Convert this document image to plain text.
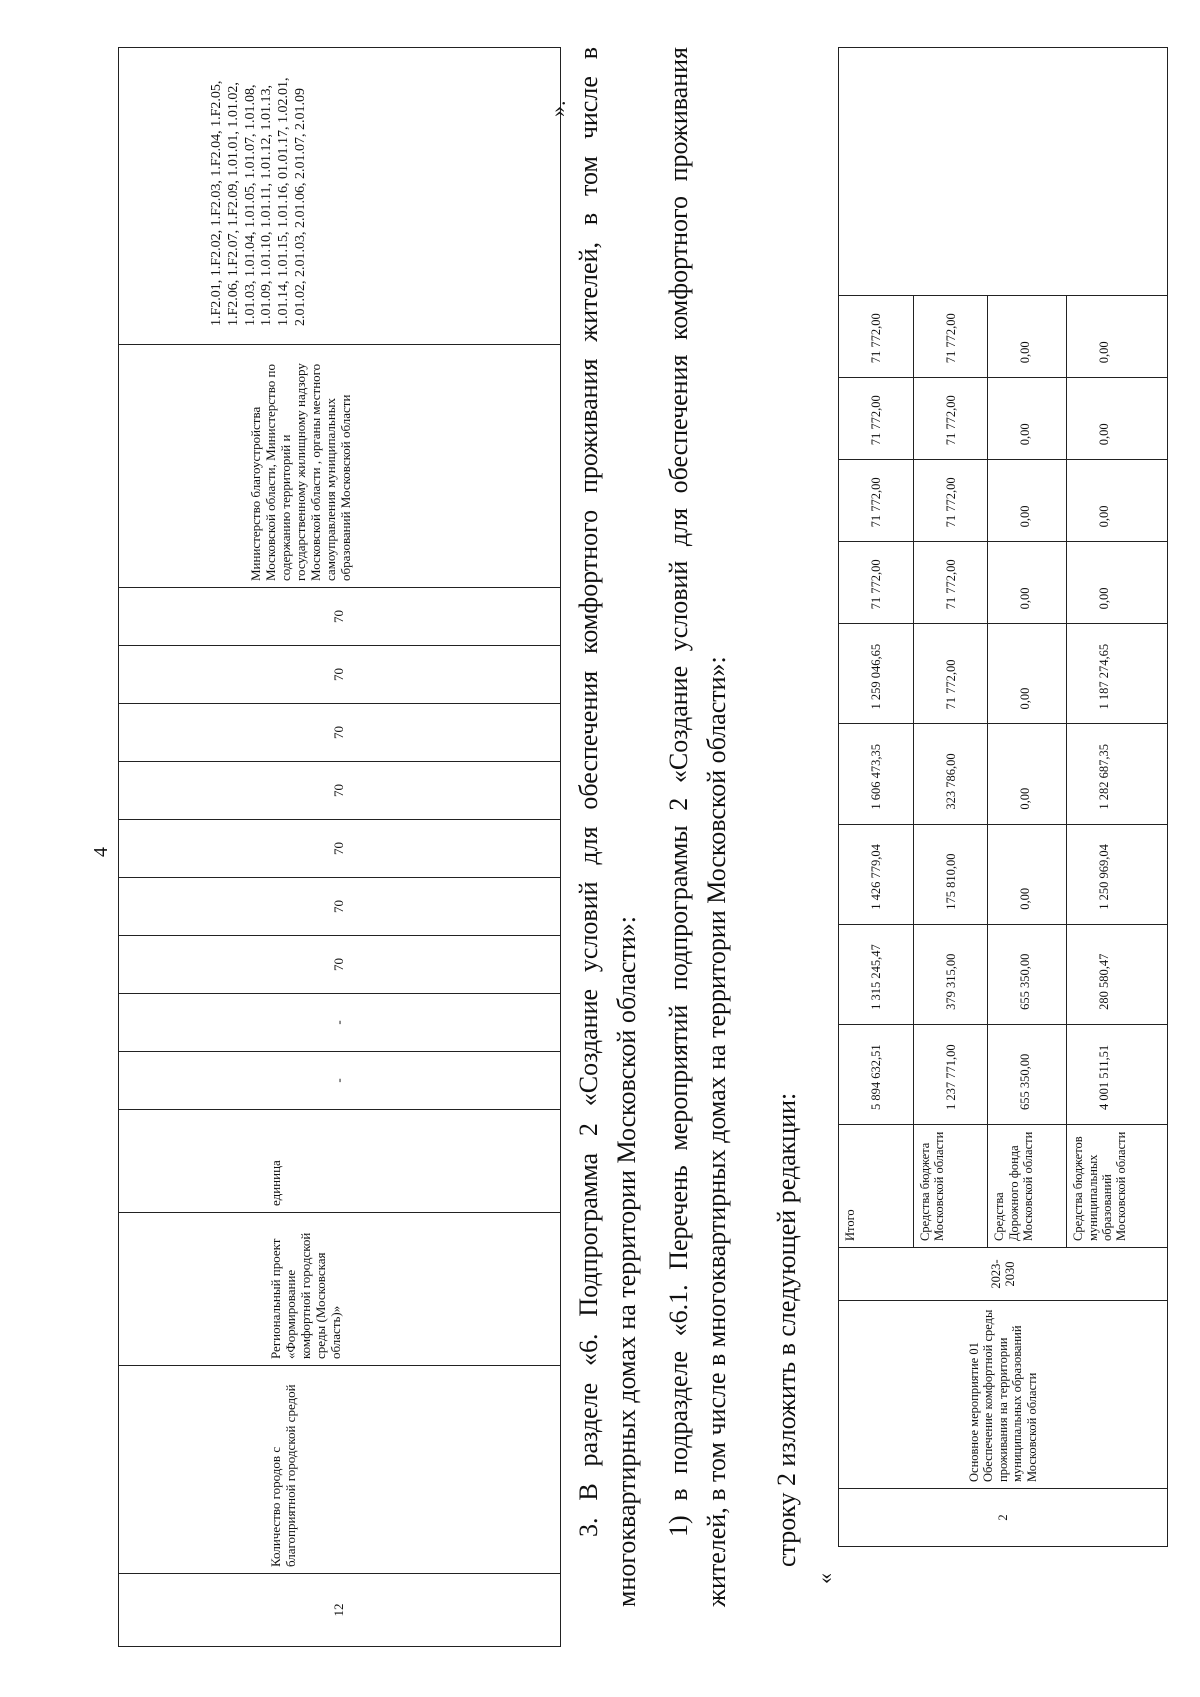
4
12	Количество городов с благоприятной городской средой	Региональный проект «Формирование комфортной городской среды (Московская область)»	единица	-	-	70	70	70	70	70	70	70	Министерство благоустройства Московской области, Министерство по содержанию территорий и государственному жилищному надзору Московской области , органы местного самоуправления муниципальных образований Московской области	1.F2.01, 1.F2.02, 1.F2.03, 1.F2.04, 1.F2.05, 1.F2.06, 1.F2.07, 1.F2.09, 1.01.01, 1.01.02, 1.01.03, 1.01.04, 1.01.05, 1.01.07, 1.01.08, 1.01.09, 1.01.10, 1.01.11, 1.01.12, 1.01.13, 1.01.14, 1.01.15, 1.01.16, 01.01.17, 1.02.01, 2.01.02, 2.01.03, 2.01.06, 2.01.07, 2.01.09	». 3. В разделе «6. Подпрограмма 2 «Создание условий для обеспечения комфортного проживания жителей, в том числе в многоквартирных домах на территории Московской области»: 1) в подразделе «6.1. Перечень мероприятий подпрограммы 2 «Создание условий для обеспечения комфортного проживания жителей, в том числе в многоквартирных домах на территории Московской области»: строку 2 изложить в следующей редакции:
«
2	Основное мероприятие 01 Обеспечение комфортной среды проживания на территории муниципальных образований Московской области	2023-2030	Итого	5 894 632,51	1 315 245,47	1 426 779,04	1 606 473,35	1 259 046,65	71 772,00	71 772,00	71 772,00	71 772,00	
			Средства бюджета Московской области	1 237 771,00	379 315,00	175 810,00	323 786,00	71 772,00	71 772,00	71 772,00	71 772,00	71 772,00	
			Средства Дорожного фонда Московской области	655 350,00	655 350,00	0,00	0,00	0,00	0,00	0,00	0,00	0,00	
			Средства бюджетов муниципальных образований Московской области	4 001 511,51	280 580,47	1 250 969,04	1 282 687,35	1 187 274,65	0,00	0,00	0,00	0,00	
